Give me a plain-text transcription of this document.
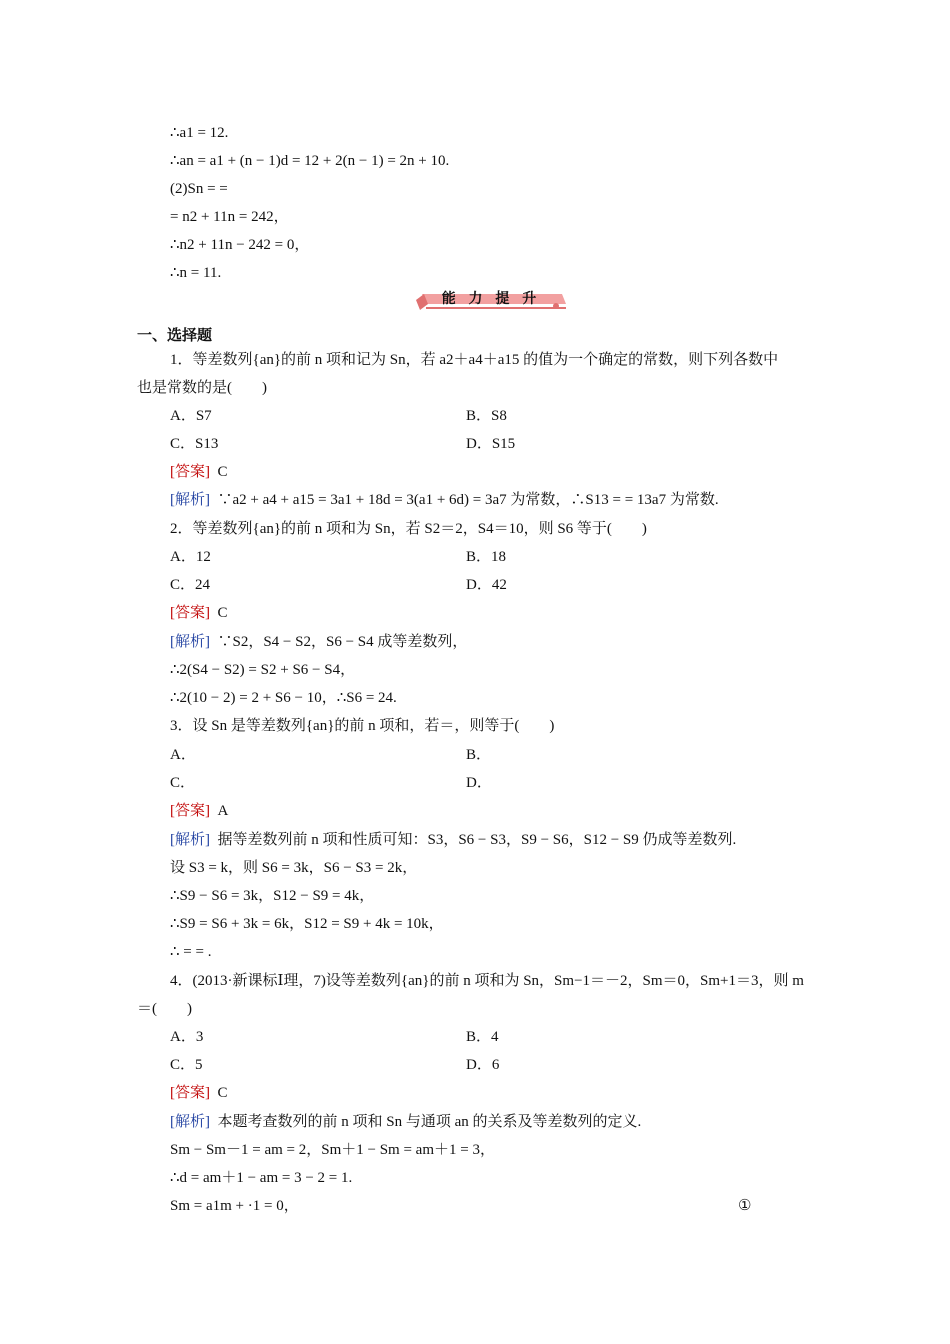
∴a1 = 12.
∴an = a1 + (n − 1)d = 12 + 2(n − 1) = 2n + 10.
(2)Sn = =
= n2 + 11n = 242，
∴n2 + 11n − 242 = 0，
∴n = 11.
能 力 提 升
一、选择题
1．等差数列{an}的前 n 项和记为 Sn，若 a2＋a4＋a15 的值为一个确定的常数，则下列各数中
也是常数的是(　　)
A．S7	B．S8
C．S13	D．S15
[答案] C
[解析] ∵a2 + a4 + a15 = 3a1 + 18d = 3(a1 + 6d) = 3a7 为常数，∴S13 = = 13a7 为常数.
2．等差数列{an}的前 n 项和为 Sn，若 S2＝2，S4＝10，则 S6 等于(　　)
A．12	B．18
C．24	D．42
[答案] C
[解析] ∵S2，S4 − S2，S6 − S4 成等差数列，
∴2(S4 − S2) = S2 + S6 − S4，
∴2(10 − 2) = 2 + S6 − 10，∴S6 = 24.
3．设 Sn 是等差数列{an}的前 n 项和，若＝，则等于(　　)
A．	B．
C．	D．
[答案] A
[解析] 据等差数列前 n 项和性质可知：S3，S6 − S3，S9 − S6，S12 − S9 仍成等差数列.
设 S3 = k，则 S6 = 3k，S6 − S3 = 2k，
∴S9 − S6 = 3k，S12 − S9 = 4k，
∴S9 = S6 + 3k = 6k，S12 = S9 + 4k = 10k，
∴ = = .
4．(2013·新课标Ⅰ理，7)设等差数列{an}的前 n 项和为 Sn，Sm−1＝－2，Sm＝0，Sm+1＝3，则 m
＝(　　)
A．3	B．4
C．5	D．6
[答案] C
[解析] 本题考查数列的前 n 项和 Sn 与通项 an 的关系及等差数列的定义.
Sm − Sm－1 = am = 2，Sm＋1 − Sm = am＋1 = 3，
∴d = am＋1 − am = 3 − 2 = 1.
Sm = a1m + ·1 = 0，	①
